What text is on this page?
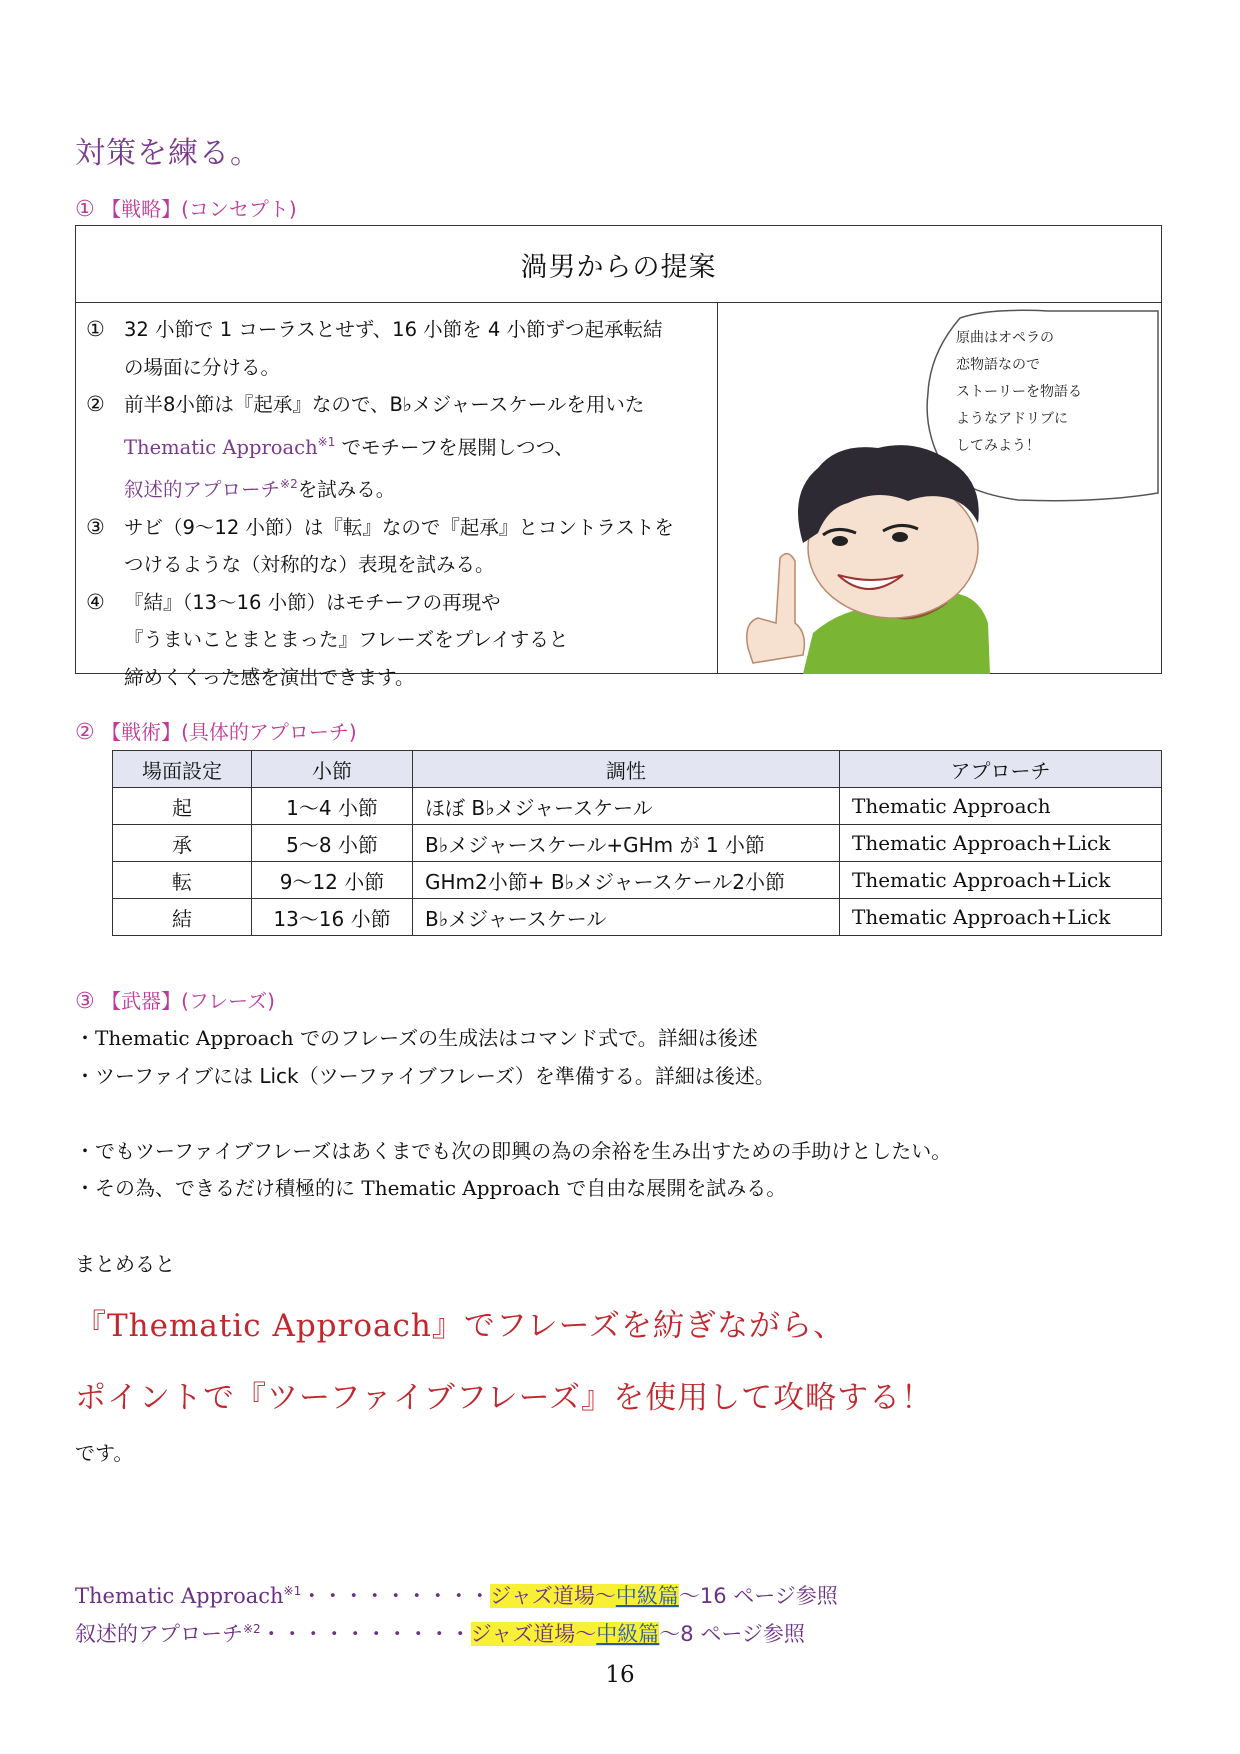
対策を練る。
① 【戦略】(コンセプト)
渦男からの提案
① 32 小節で 1 コーラスとせず、16 小節を 4 小節ずつ起承転結
の場面に分ける。
② 前半8小節は『起承』なので、B♭メジャースケールを用いた
Thematic Approach$^{※1}$ でモチーフを展開しつつ、
叙述的アプローチ$^{※2}$を試みる。
③ サビ（9〜12 小節）は『転』なので『起承』とコントラストを
つけるような（対称的な）表現を試みる。
④ 『結』（13〜16 小節）はモチーフの再現や
『うまいことまとまった』フレーズをプレイすると
締めくくった感を演出できます。
原曲はオペラの
恋物語なので
ストーリーを物語る
ようなアドリブに
してみよう！
② 【戦術】(具体的アプローチ)
場面設定	小節	調性	アプローチ
起	1〜4 小節	ほぼ B♭メジャースケール	Thematic Approach
承	5〜8 小節	B♭メジャースケール+GHm が 1 小節	Thematic Approach+Lick
転	9〜12 小節	GHm2小節+ B♭メジャースケール2小節	Thematic Approach+Lick
結	13〜16 小節	B♭メジャースケール	Thematic Approach+Lick
③ 【武器】(フレーズ)
・Thematic Approach でのフレーズの生成法はコマンド式で。詳細は後述
・ツーファイブには Lick（ツーファイブフレーズ）を準備する。詳細は後述。
・でもツーファイブフレーズはあくまでも次の即興の為の余裕を生み出すための手助けとしたい。
・その為、できるだけ積極的に Thematic Approach で自由な展開を試みる。
まとめると
『Thematic Approach』でフレーズを紡ぎながら、
ポイントで『ツーファイブフレーズ』を使用して攻略する！
です。
Thematic Approach$^{※1}$・・・・・・・・・ジャズ道場〜中級篇〜16 ページ参照
叙述的アプローチ$^{※2}$・・・・・・・・・・ジャズ道場〜中級篇〜8 ページ参照
16
